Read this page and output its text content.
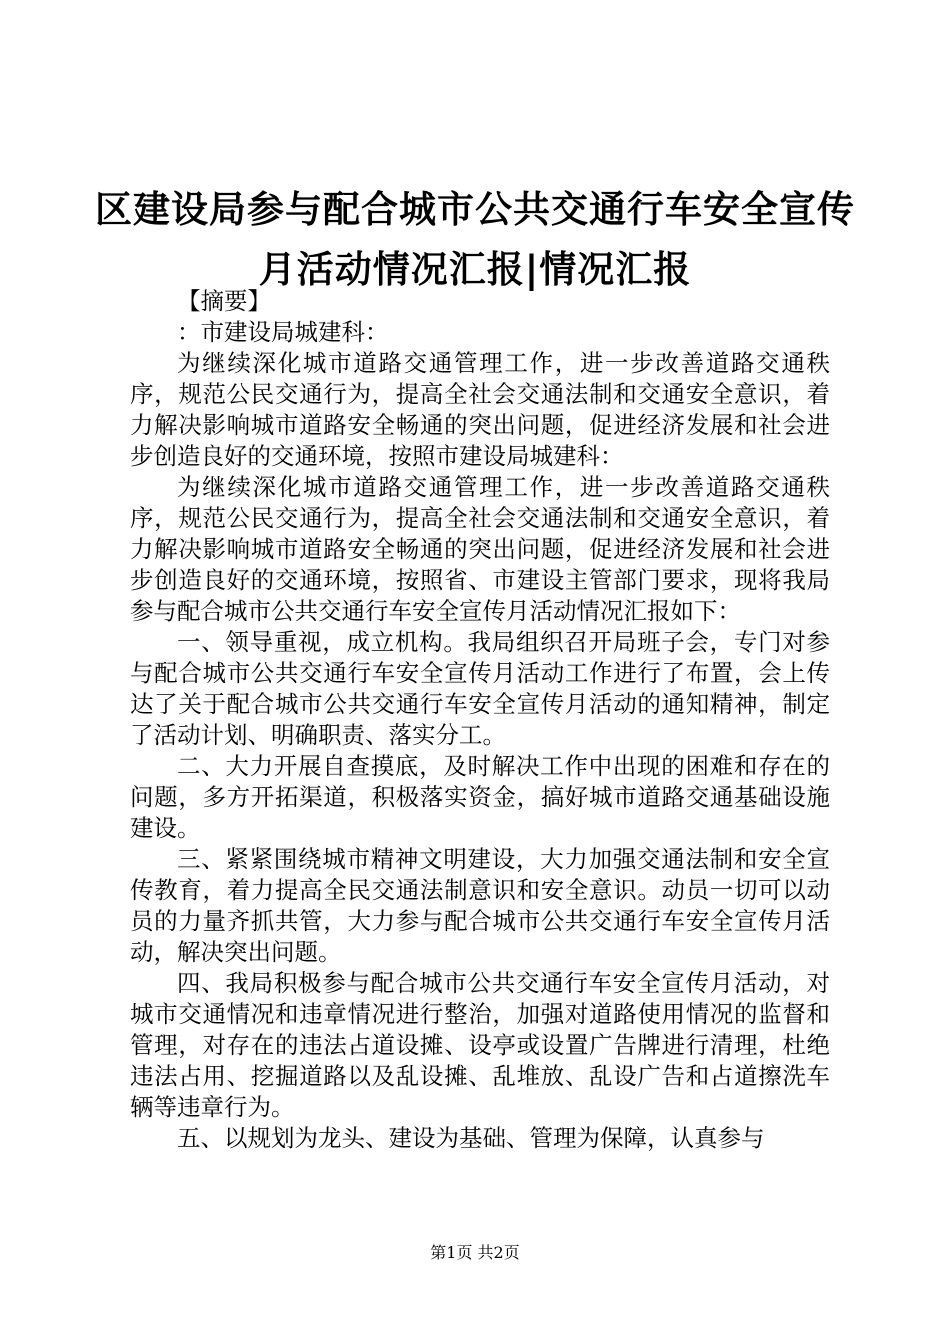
区建设局参与配合城市公共交通行车安全宣传
月活动情况汇报|情况汇报

【摘要】

：市建设局城建科：

为继续深化城市道路交通管理工作，进一步改善道路交通秩序，规范公民交通行为，提高全社会交通法制和交通安全意识，着力解决影响城市道路安全畅通的突出问题，促进经济发展和社会进步创造良好的交通环境，按照市建设局城建科：

为继续深化城市道路交通管理工作，进一步改善道路交通秩序，规范公民交通行为，提高全社会交通法制和交通安全意识，着力解决影响城市道路安全畅通的突出问题，促进经济发展和社会进步创造良好的交通环境，按照省、市建设主管部门要求，现将我局参与配合城市公共交通行车安全宣传月活动情况汇报如下：

一、领导重视，成立机构。我局组织召开局班子会，专门对参与配合城市公共交通行车安全宣传月活动工作进行了布置，会上传达了关于配合城市公共交通行车安全宣传月活动的通知精神，制定了活动计划、明确职责、落实分工。

二、大力开展自查摸底，及时解决工作中出现的困难和存在的问题，多方开拓渠道，积极落实资金，搞好城市道路交通基础设施建设。

三、紧紧围绕城市精神文明建设，大力加强交通法制和安全宣传教育，着力提高全民交通法制意识和安全意识。动员一切可以动员的力量齐抓共管，大力参与配合城市公共交通行车安全宣传月活动，解决突出问题。

四、我局积极参与配合城市公共交通行车安全宣传月活动，对城市交通情况和违章情况进行整治，加强对道路使用情况的监督和管理，对存在的违法占道设摊、设亭或设置广告牌进行清理，杜绝违法占用、挖掘道路以及乱设摊、乱堆放、乱设广告和占道擦洗车辆等违章行为。

五、以规划为龙头、建设为基础、管理为保障，认真参与

第1页 共2页
